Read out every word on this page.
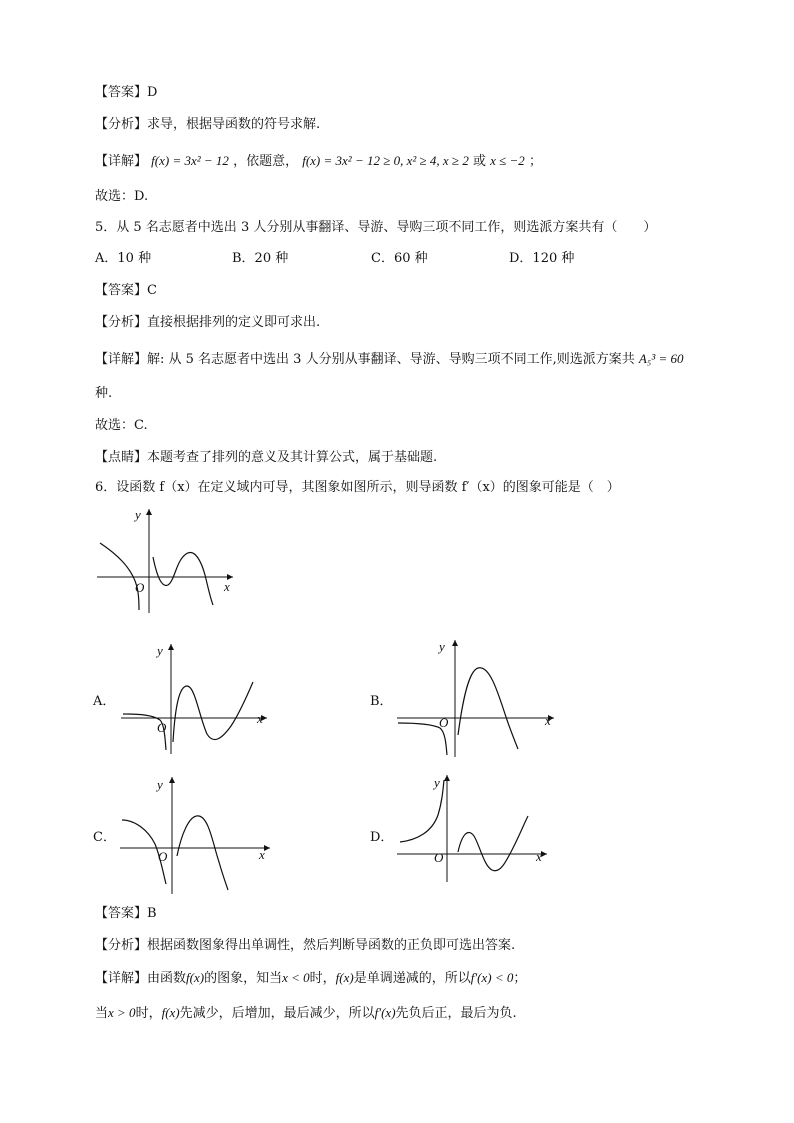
【答案】D
【分析】求导，根据导函数的符号求解.
【详解】 f(x) = 3x² − 12 ，依题意， f(x) = 3x² − 12 ≥ 0, x² ≥ 4, x ≥ 2 或 x ≤ −2 ；
故选：D.
5．从 5 名志愿者中选出 3 人分别从事翻译、导游、导购三项不同工作，则选派方案共有（　　）
A．10 种	B．20 种	C．60 种	D．120 种
【答案】C
【分析】直接根据排列的定义即可求出.
【详解】解: 从 5 名志愿者中选出 3 人分别从事翻译、导游、导购三项不同工作,则选派方案共 A₅³ = 60
种.
故选：C.
【点睛】本题考查了排列的意义及其计算公式，属于基础题.
6．设函数 f（x）在定义域内可导，其图象如图所示，则导函数 f′（x）的图象可能是（　）
y
x
O
A．
y
x
O
B．
y
x
O
C．
y
x
O
D．
y
x
O
【答案】B
【分析】根据函数图象得出单调性，然后判断导函数的正负即可选出答案.
【详解】由函数f(x)的图象，知当x < 0时，f(x)是单调递减的，所以f′(x) < 0；
当x > 0时，f(x)先减少，后增加，最后减少，所以f′(x)先负后正，最后为负.
